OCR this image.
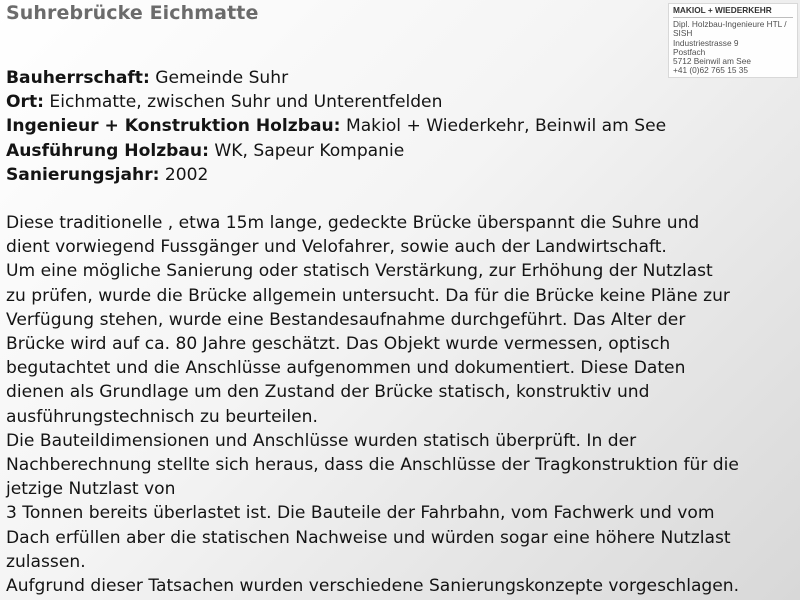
Suhrebrücke Eichmatte	MAKIOL + WIEDERKEHR
Dipl. Holzbau-Ingenieure HTL /
SISH
Industriestrasse 9
Postfach
5712 Beinwil am See
+41 (0)62 765 15 35
Bauherrschaft: Gemeinde Suhr
Ort: Eichmatte, zwischen Suhr und Unterentfelden
Ingenieur + Konstruktion Holzbau: Makiol + Wiederkehr, Beinwil am See
Ausführung Holzbau: WK, Sapeur Kompanie
Sanierungsjahr: 2002
Diese traditionelle , etwa 15m lange, gedeckte Brücke überspannt die Suhre und
dient vorwiegend Fussgänger und Velofahrer, sowie auch der Landwirtschaft.
Um eine mögliche Sanierung oder statisch Verstärkung, zur Erhöhung der Nutzlast
zu prüfen, wurde die Brücke allgemein untersucht. Da für die Brücke keine Pläne zur
Verfügung stehen, wurde eine Bestandesaufnahme durchgeführt. Das Alter der
Brücke wird auf ca. 80 Jahre geschätzt. Das Objekt wurde vermessen, optisch
begutachtet und die Anschlüsse aufgenommen und dokumentiert. Diese Daten
dienen als Grundlage um den Zustand der Brücke statisch, konstruktiv und
ausführungstechnisch zu beurteilen.
Die Bauteildimensionen und Anschlüsse wurden statisch überprüft. In der
Nachberechnung stellte sich heraus, dass die Anschlüsse der Tragkonstruktion für die
jetzige Nutzlast von
3 Tonnen bereits überlastet ist. Die Bauteile der Fahrbahn, vom Fachwerk und vom
Dach erfüllen aber die statischen Nachweise und würden sogar eine höhere Nutzlast
zulassen.
Aufgrund dieser Tatsachen wurden verschiedene Sanierungskonzepte vorgeschlagen.
